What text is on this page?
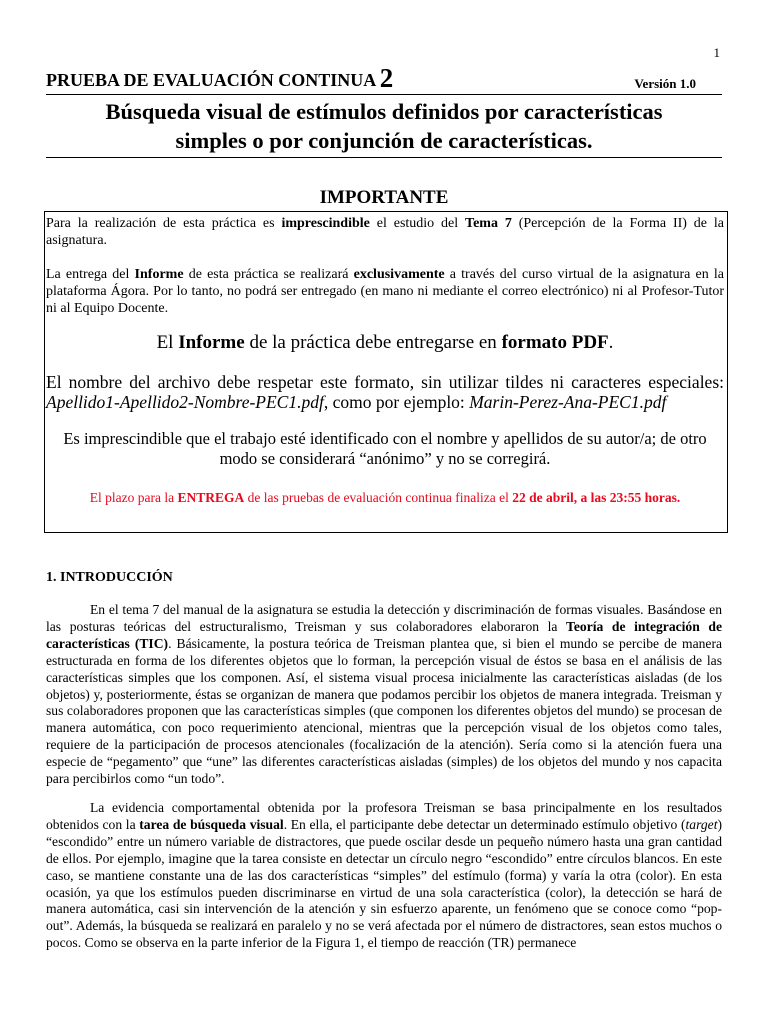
1
PRUEBA DE EVALUACIÓN CONTINUA 2	Versión 1.0
Búsqueda visual de estímulos definidos por características
simples o por conjunción de características.
IMPORTANTE

Para la realización de esta práctica es imprescindible el estudio del Tema 7 (Percepción de la Forma II) de la asignatura.

La entrega del Informe de esta práctica se realizará exclusivamente a través del curso virtual de la asignatura en la plataforma Ágora. Por lo tanto, no podrá ser entregado (en mano ni mediante el correo electrónico) ni al Profesor-Tutor ni al Equipo Docente.

El Informe de la práctica debe entregarse en formato PDF.

El nombre del archivo debe respetar este formato, sin utilizar tildes ni caracteres especiales: Apellido1-Apellido2-Nombre-PEC1.pdf, como por ejemplo: Marin-Perez-Ana-PEC1.pdf

Es imprescindible que el trabajo esté identificado con el nombre y apellidos de su autor/a; de otro modo se considerará “anónimo” y no se corregirá.

El plazo para la ENTREGA de las pruebas de evaluación continua finaliza el 22 de abril, a las 23:55 horas.

1. INTRODUCCIÓN

En el tema 7 del manual de la asignatura se estudia la detección y discriminación de formas visuales. Basándose en las posturas teóricas del estructuralismo, Treisman y sus colaboradores elaboraron la Teoría de integración de características (TIC). Básicamente, la postura teórica de Treisman plantea que, si bien el mundo se percibe de manera estructurada en forma de los diferentes objetos que lo forman, la percepción visual de éstos se basa en el análisis de las características simples que los componen. Así, el sistema visual procesa inicialmente las características aisladas (de los objetos) y, posteriormente, éstas se organizan de manera que podamos percibir los objetos de manera integrada. Treisman y sus colaboradores proponen que las características simples (que componen los diferentes objetos del mundo) se procesan de manera automática, con poco requerimiento atencional, mientras que la percepción visual de los objetos como tales, requiere de la participación de procesos atencionales (focalización de la atención). Sería como si la atención fuera una especie de “pegamento” que “une” las diferentes características aisladas (simples) de los objetos del mundo y nos capacita para percibirlos como “un todo”.

La evidencia comportamental obtenida por la profesora Treisman se basa principalmente en los resultados obtenidos con la tarea de búsqueda visual. En ella, el participante debe detectar un determinado estímulo objetivo (target) “escondido” entre un número variable de distractores, que puede oscilar desde un pequeño número hasta una gran cantidad de ellos. Por ejemplo, imagine que la tarea consiste en detectar un círculo negro “escondido” entre círculos blancos. En este caso, se mantiene constante una de las dos características “simples” del estímulo (forma) y varía la otra (color). En esta ocasión, ya que los estímulos pueden discriminarse en virtud de una sola característica (color), la detección se hará de manera automática, casi sin intervención de la atención y sin esfuerzo aparente, un fenómeno que se conoce como “pop-out”. Además, la búsqueda se realizará en paralelo y no se verá afectada por el número de distractores, sean estos muchos o pocos. Como se observa en la parte inferior de la Figura 1, el tiempo de reacción (TR) permanece
